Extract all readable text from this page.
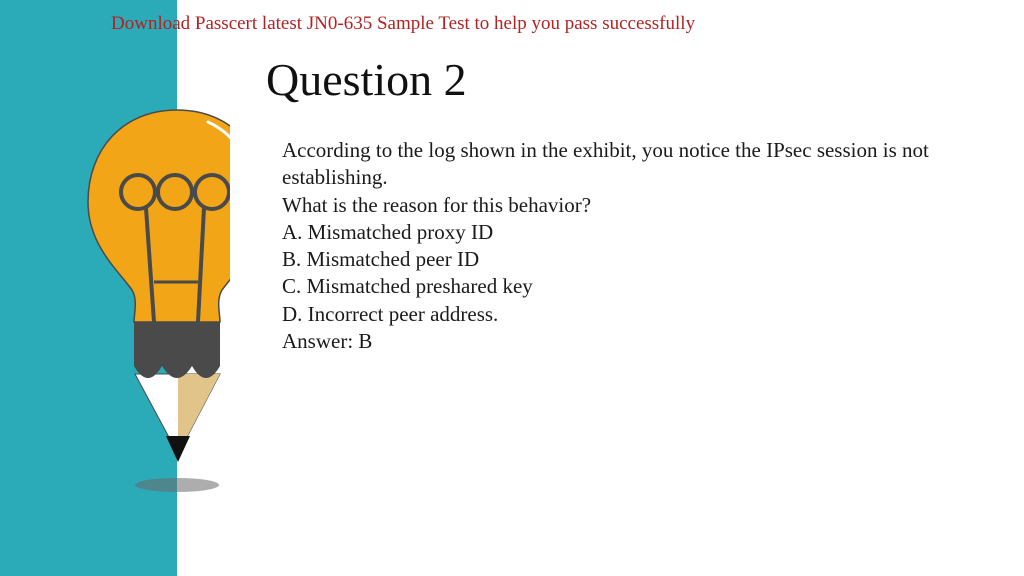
Download Passcert latest JN0-635 Sample Test to help you pass successfully
Question 2
According to the log shown in the exhibit, you notice the IPsec session is not
establishing.
What is the reason for this behavior?
A. Mismatched proxy ID
B. Mismatched peer ID
C. Mismatched preshared key
D. Incorrect peer address.
Answer: B
